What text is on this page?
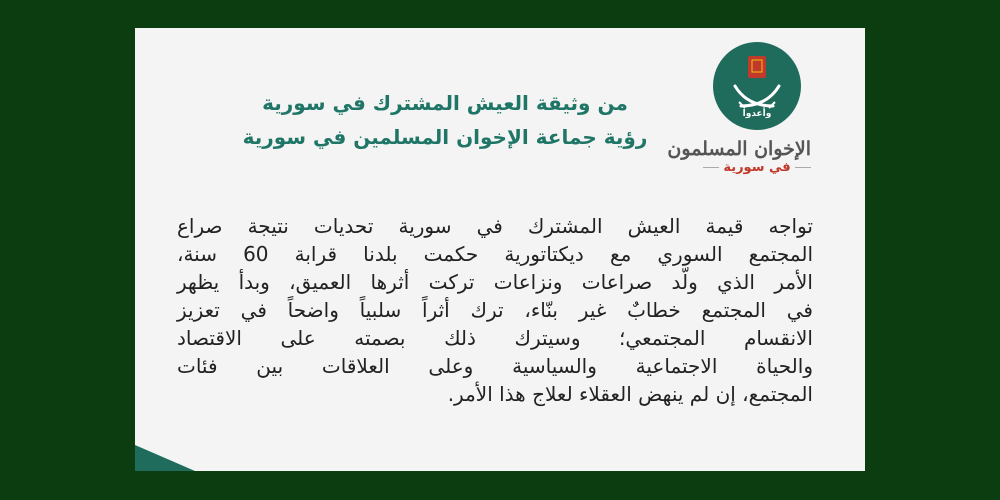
وأعدوا
الإخوان المسلمون
في سورية
من وثيقة العيش المشترك في سورية
رؤية جماعة الإخوان المسلمين في سورية
تواجه قيمة العيش المشترك في سورية تحديات نتيجة صراع
المجتمع السوري مع ديكتاتورية حكمت بلدنا قرابة 60 سنة،
الأمر الذي ولّد صراعات ونزاعات تركت أثرها العميق، وبدأ يظهر
في المجتمع خطابٌ غير بنّاء، ترك أثراً سلبياً واضحاً في تعزيز
الانقسام المجتمعي؛ وسيترك ذلك بصمته على الاقتصاد
والحياة الاجتماعية والسياسية وعلى العلاقات بين فئات
المجتمع، إن لم ينهض العقلاء لعلاج هذا الأمر.
